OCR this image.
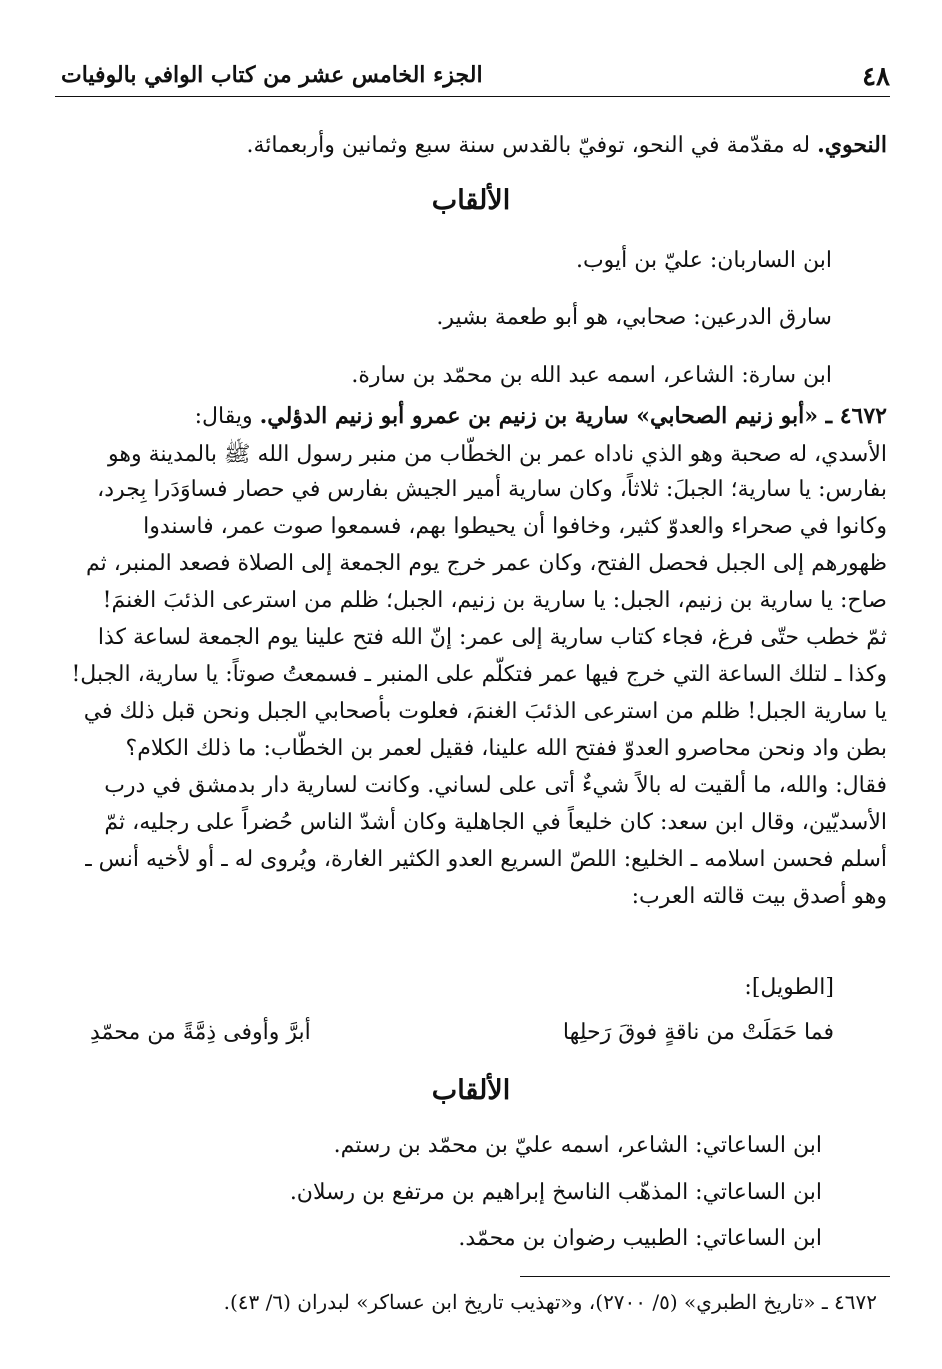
٤٨
الجزء الخامس عشر من كتاب الوافي بالوفيات
النحوي. له مقدّمة في النحو، توفيّ بالقدس سنة سبع وثمانين وأربعمائة.
الألقاب
ابن الساربان: عليّ بن أيوب.
سارق الدرعين: صحابي، هو أبو طعمة بشير.
ابن سارة: الشاعر، اسمه عبد الله بن محمّد بن سارة.
٤٦٧٢ ـ «أبو زنيم الصحابي» سارية بن زنيم بن عمرو أبو زنيم الدؤلي. ويقال:
الأسدي، له صحبة وهو الذي ناداه عمر بن الخطّاب من منبر رسول الله ﷺ بالمدينة وهو
بفارس: يا سارية؛ الجبلَ: ثلاثاً، وكان سارية أمير الجيش بفارس في حصار فساوَدَرا بِجرد،
وكانوا في صحراء والعدوّ كثير، وخافوا أن يحيطوا بهم، فسمعوا صوت عمر، فاسندوا
ظهورهم إلى الجبل فحصل الفتح، وكان عمر خرج يوم الجمعة إلى الصلاة فصعد المنبر، ثم
صاح: يا سارية بن زنيم، الجبل: يا سارية بن زنيم، الجبل؛ ظلم من استرعى الذئبَ الغنمَ!
ثمّ خطب حتّى فرغ، فجاء كتاب سارية إلى عمر: إنّ الله فتح علينا يوم الجمعة لساعة كذا
وكذا ـ لتلك الساعة التي خرج فيها عمر فتكلّم على المنبر ـ فسمعتُ صوتاً: يا سارية، الجبل!
يا سارية الجبل! ظلم من استرعى الذئبَ الغنمَ، فعلوت بأصحابي الجبل ونحن قبل ذلك في
بطن واد ونحن محاصرو العدوّ ففتح الله علينا، فقيل لعمر بن الخطّاب: ما ذلك الكلام؟
فقال: والله، ما ألقيت له بالاً شيءٌ أتى على لساني. وكانت لسارية دار بدمشق في درب
الأسديّين، وقال ابن سعد: كان خليعاً في الجاهلية وكان أشدّ الناس حُضراً على رجليه، ثمّ
أسلم فحسن اسلامه ـ الخليع: اللصّ السريع العدو الكثير الغارة، ويُروى له ـ أو لأخيه أنس ـ
وهو أصدق بيت قالته العرب:
[الطويل]:
فما حَمَلَتْ من ناقةٍ فوقَ رَحلِها
أبرَّ وأوفى ذِمَّةً من محمّدِ
الألقاب
ابن الساعاتي: الشاعر، اسمه عليّ بن محمّد بن رستم.
ابن الساعاتي: المذهّب الناسخ إبراهيم بن مرتفع بن رسلان.
ابن الساعاتي: الطبيب رضوان بن محمّد.
٤٦٧٢ ـ «تاريخ الطبري» (٥/ ٢٧٠٠)، و«تهذيب تاريخ ابن عساكر» لبدران (٦/ ٤٣).
